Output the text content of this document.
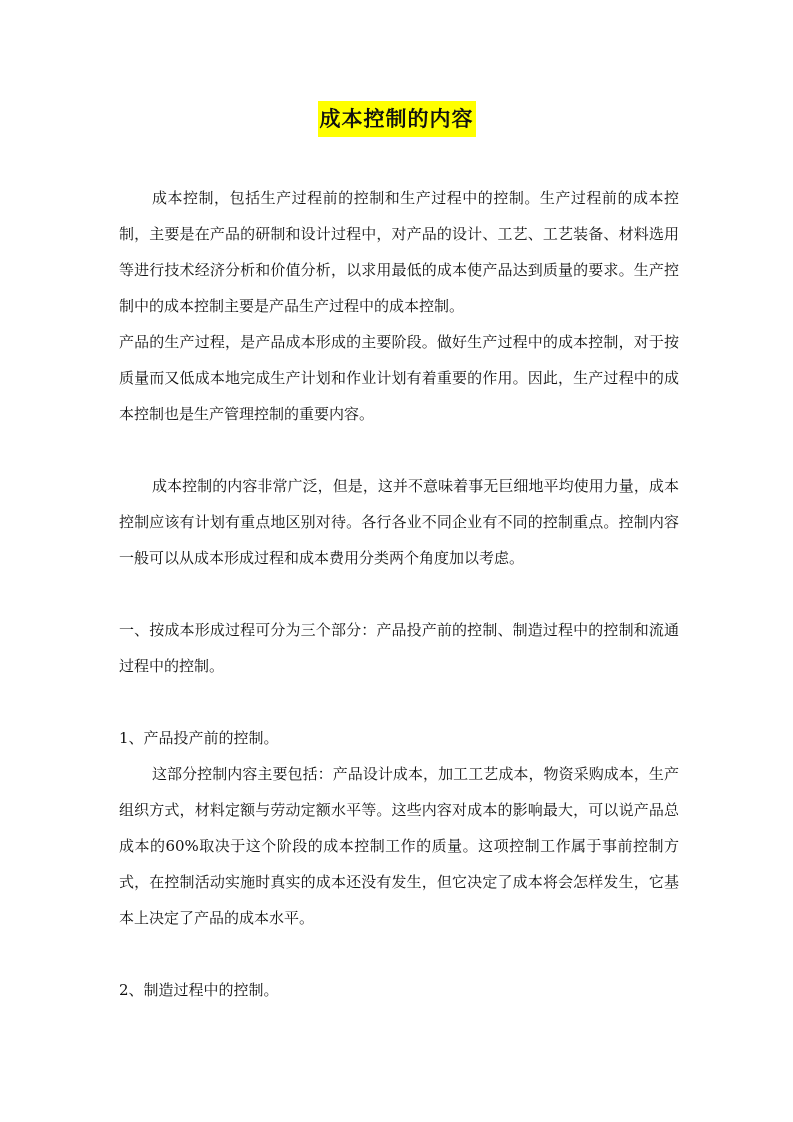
成本控制的内容

成本控制，包括生产过程前的控制和生产过程中的控制。生产过程前的成本控制，主要是在产品的研制和设计过程中，对产品的设计、工艺、工艺装备、材料选用等进行技术经济分析和价值分析，以求用最低的成本使产品达到质量的要求。生产控制中的成本控制主要是产品生产过程中的成本控制。

产品的生产过程，是产品成本形成的主要阶段。做好生产过程中的成本控制，对于按质量而又低成本地完成生产计划和作业计划有着重要的作用。因此，生产过程中的成本控制也是生产管理控制的重要内容。

成本控制的内容非常广泛，但是，这并不意味着事无巨细地平均使用力量，成本控制应该有计划有重点地区别对待。各行各业不同企业有不同的控制重点。控制内容一般可以从成本形成过程和成本费用分类两个角度加以考虑。

一、按成本形成过程可分为三个部分：产品投产前的控制、制造过程中的控制和流通过程中的控制。

1、产品投产前的控制。

这部分控制内容主要包括：产品设计成本，加工工艺成本，物资采购成本，生产组织方式，材料定额与劳动定额水平等。这些内容对成本的影响最大，可以说产品总成本的60%取决于这个阶段的成本控制工作的质量。这项控制工作属于事前控制方式，在控制活动实施时真实的成本还没有发生，但它决定了成本将会怎样发生，它基本上决定了产品的成本水平。

2、制造过程中的控制。
